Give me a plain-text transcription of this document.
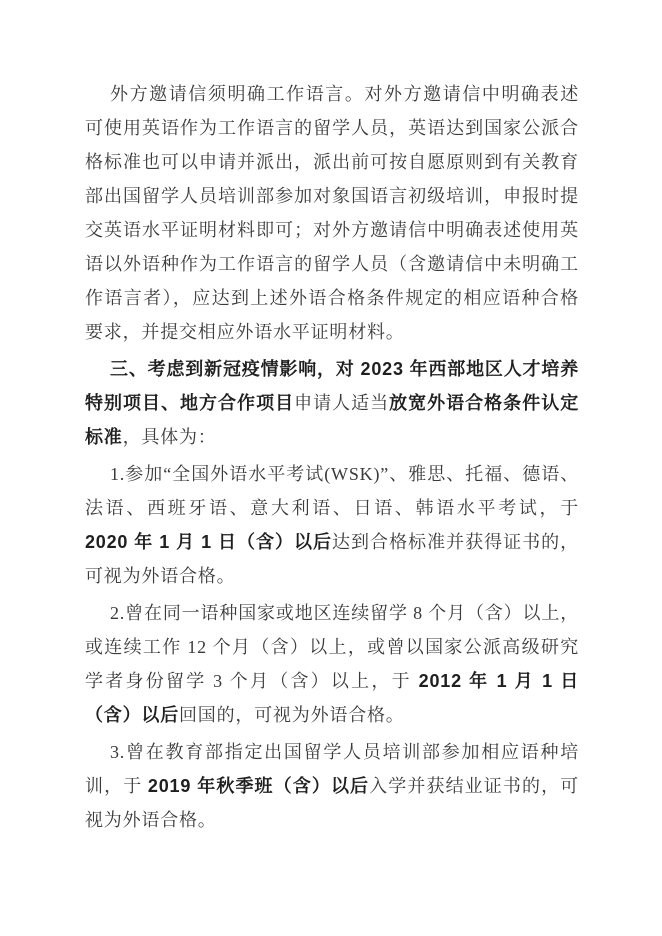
外方邀请信须明确工作语言。对外方邀请信中明确表述可使用英语作为工作语言的留学人员，英语达到国家公派合格标准也可以申请并派出，派出前可按自愿原则到有关教育部出国留学人员培训部参加对象国语言初级培训，申报时提交英语水平证明材料即可；对外方邀请信中明确表述使用英语以外语种作为工作语言的留学人员（含邀请信中未明确工作语言者），应达到上述外语合格条件规定的相应语种合格要求，并提交相应外语水平证明材料。

三、考虑到新冠疫情影响，对 2023 年西部地区人才培养特别项目、地方合作项目申请人适当放宽外语合格条件认定标准，具体为：

1.参加“全国外语水平考试(WSK)”、雅思、托福、德语、法语、西班牙语、意大利语、日语、韩语水平考试，于 2020 年 1 月 1 日（含）以后达到合格标准并获得证书的，可视为外语合格。

2.曾在同一语种国家或地区连续留学 8 个月（含）以上，或连续工作 12 个月（含）以上，或曾以国家公派高级研究学者身份留学 3 个月（含）以上，于 2012 年 1 月 1 日（含）以后回国的，可视为外语合格。

3.曾在教育部指定出国留学人员培训部参加相应语种培训，于 2019 年秋季班（含）以后入学并获结业证书的，可视为外语合格。
